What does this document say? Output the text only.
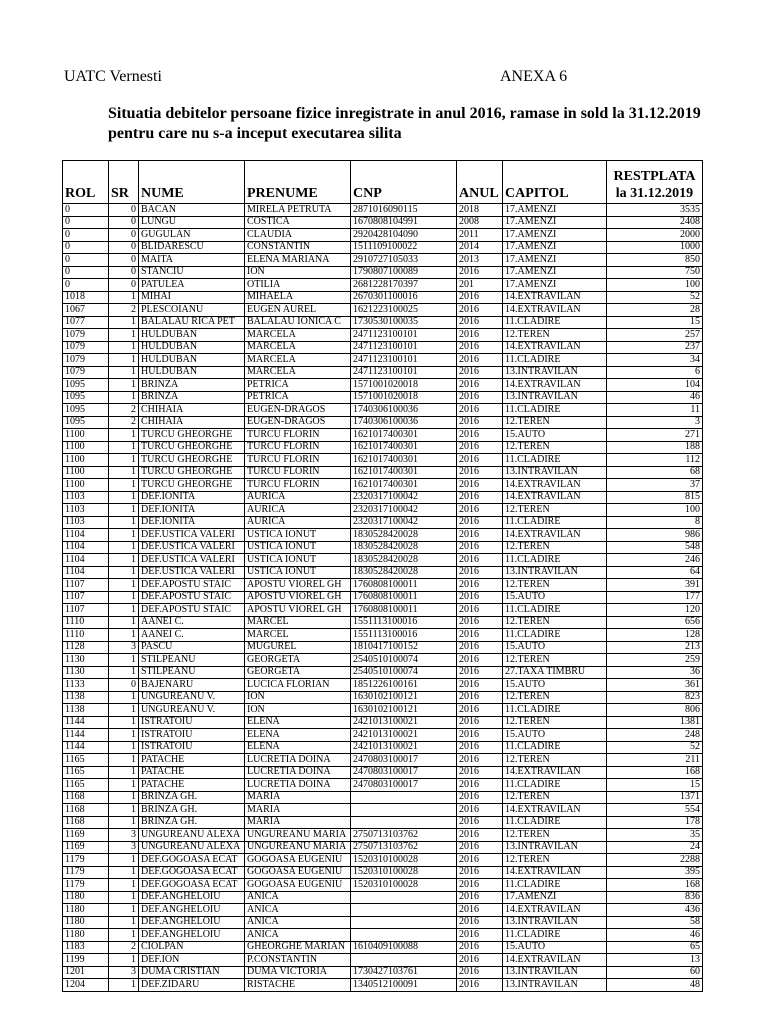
UATC Vernesti	ANEXA 6
Situatia debitelor persoane fizice inregistrate in anul 2016, ramase in sold la 31.12.2019 pentru care nu s-a inceput executarea silita
ROL	SR	NUME	PRENUME	CNP	ANUL	CAPITOL	RESTPLATA la 31.12.2019
0	0	BACAN	MIRELA PETRUTA	2871016090115	2018	17.AMENZI	3535
0	0	LUNGU	COSTICA	1670808104991	2008	17.AMENZI	2408
0	0	GUGULAN	CLAUDIA	2920428104090	2011	17.AMENZI	2000
0	0	BLIDARESCU	CONSTANTIN	1511109100022	2014	17.AMENZI	1000
0	0	MAITA	ELENA MARIANA	2910727105033	2013	17.AMENZI	850
0	0	STANCIU	ION	1790807100089	2016	17.AMENZI	750
0	0	PATULEA	OTILIA	2681228170397	201	17.AMENZI	100
1018	1	MIHAI	MIHAELA	2670301100016	2016	14.EXTRAVILAN	52
1067	2	PLESCOIANU	EUGEN AUREL	1621223100025	2016	14.EXTRAVILAN	28
1077	1	BALALAU RICA PET	BALALAU IONICA C	1730530100035	2016	11.CLADIRE	15
1079	1	HULDUBAN	MARCELA	2471123100101	2016	12.TEREN	257
1079	1	HULDUBAN	MARCELA	2471123100101	2016	14.EXTRAVILAN	237
1079	1	HULDUBAN	MARCELA	2471123100101	2016	11.CLADIRE	34
1079	1	HULDUBAN	MARCELA	2471123100101	2016	13.INTRAVILAN	6
1095	1	BRINZA	PETRICA	1571001020018	2016	14.EXTRAVILAN	104
1095	1	BRINZA	PETRICA	1571001020018	2016	13.INTRAVILAN	46
1095	2	CHIHAIA	EUGEN-DRAGOS	1740306100036	2016	11.CLADIRE	11
1095	2	CHIHAIA	EUGEN-DRAGOS	1740306100036	2016	12.TEREN	3
1100	1	TURCU GHEORGHE	TURCU FLORIN	1621017400301	2016	15.AUTO	271
1100	1	TURCU GHEORGHE	TURCU FLORIN	1621017400301	2016	12.TEREN	188
1100	1	TURCU GHEORGHE	TURCU FLORIN	1621017400301	2016	11.CLADIRE	112
1100	1	TURCU GHEORGHE	TURCU FLORIN	1621017400301	2016	13.INTRAVILAN	68
1100	1	TURCU GHEORGHE	TURCU FLORIN	1621017400301	2016	14.EXTRAVILAN	37
1103	1	DEF.IONITA	AURICA	2320317100042	2016	14.EXTRAVILAN	815
1103	1	DEF.IONITA	AURICA	2320317100042	2016	12.TEREN	100
1103	1	DEF.IONITA	AURICA	2320317100042	2016	11.CLADIRE	8
1104	1	DEF.USTICA VALERI	USTICA IONUT	1830528420028	2016	14.EXTRAVILAN	986
1104	1	DEF.USTICA VALERI	USTICA IONUT	1830528420028	2016	12.TEREN	548
1104	1	DEF.USTICA VALERI	USTICA IONUT	1830528420028	2016	11.CLADIRE	246
1104	1	DEF.USTICA VALERI	USTICA IONUT	1830528420028	2016	13.INTRAVILAN	64
1107	1	DEF.APOSTU STAIC	APOSTU VIOREL GH	1760808100011	2016	12.TEREN	391
1107	1	DEF.APOSTU STAIC	APOSTU VIOREL GH	1760808100011	2016	15.AUTO	177
1107	1	DEF.APOSTU STAIC	APOSTU VIOREL GH	1760808100011	2016	11.CLADIRE	120
1110	1	AANEI C.	MARCEL	1551113100016	2016	12.TEREN	656
1110	1	AANEI C.	MARCEL	1551113100016	2016	11.CLADIRE	128
1128	3	PASCU	MUGUREL	1810417100152	2016	15.AUTO	213
1130	1	STILPEANU	GEORGETA	2540510100074	2016	12.TEREN	259
1130	1	STILPEANU	GEORGETA	2540510100074	2016	27.TAXA TIMBRU	36
1133	0	BAJENARU	LUCICA FLORIAN	1851226100161	2016	15.AUTO	361
1138	1	UNGUREANU V.	ION	1630102100121	2016	12.TEREN	823
1138	1	UNGUREANU V.	ION	1630102100121	2016	11.CLADIRE	806
1144	1	ISTRATOIU	ELENA	2421013100021	2016	12.TEREN	1381
1144	1	ISTRATOIU	ELENA	2421013100021	2016	15.AUTO	248
1144	1	ISTRATOIU	ELENA	2421013100021	2016	11.CLADIRE	52
1165	1	PATACHE	LUCRETIA DOINA	2470803100017	2016	12.TEREN	211
1165	1	PATACHE	LUCRETIA DOINA	2470803100017	2016	14.EXTRAVILAN	168
1165	1	PATACHE	LUCRETIA DOINA	2470803100017	2016	11.CLADIRE	15
1168	1	BRINZA GH.	MARIA		2016	12.TEREN	1371
1168	1	BRINZA GH.	MARIA		2016	14.EXTRAVILAN	554
1168	1	BRINZA GH.	MARIA		2016	11.CLADIRE	178
1169	3	UNGUREANU ALEXA	UNGUREANU MARIA	2750713103762	2016	12.TEREN	35
1169	3	UNGUREANU ALEXA	UNGUREANU MARIA	2750713103762	2016	13.INTRAVILAN	24
1179	1	DEF.GOGOASA ECAT	GOGOASA EUGENIU	1520310100028	2016	12.TEREN	2288
1179	1	DEF.GOGOASA ECAT	GOGOASA EUGENIU	1520310100028	2016	14.EXTRAVILAN	395
1179	1	DEF.GOGOASA ECAT	GOGOASA EUGENIU	1520310100028	2016	11.CLADIRE	168
1180	1	DEF.ANGHELOIU	ANICA		2016	17.AMENZI	836
1180	1	DEF.ANGHELOIU	ANICA		2016	14.EXTRAVILAN	436
1180	1	DEF.ANGHELOIU	ANICA		2016	13.INTRAVILAN	58
1180	1	DEF.ANGHELOIU	ANICA		2016	11.CLADIRE	46
1183	2	CIOLPAN	GHEORGHE MARIAN	1610409100088	2016	15.AUTO	65
1199	1	DEF.ION	P.CONSTANTIN		2016	14.EXTRAVILAN	13
1201	3	DUMA CRISTIAN	DUMA VICTORIA	1730427103761	2016	13.INTRAVILAN	60
1204	1	DEF.ZIDARU	RISTACHE	1340512100091	2016	13.INTRAVILAN	48
